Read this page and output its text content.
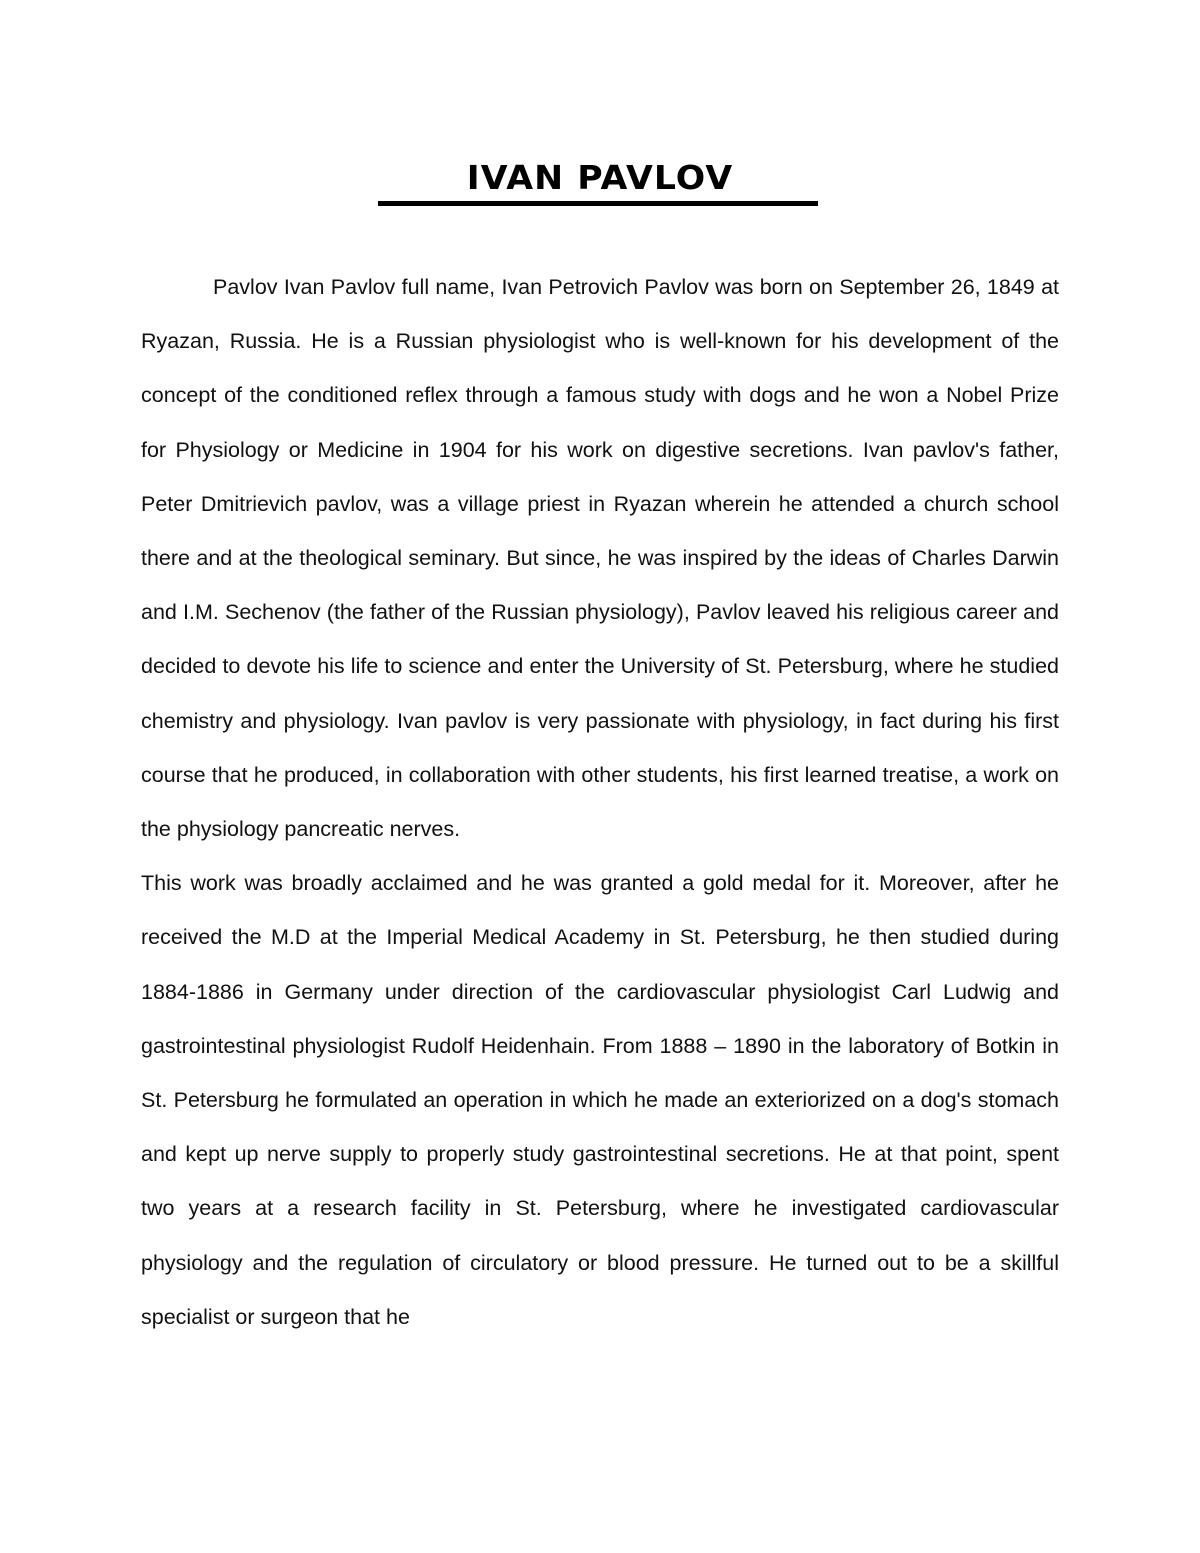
IVAN PAVLOV

Pavlov Ivan Pavlov full name, Ivan Petrovich Pavlov was born on September 26, 1849 at Ryazan, Russia. He is a Russian physiologist who is well-known for his development of the concept of the conditioned reflex through a famous study with dogs and he won a Nobel Prize for Physiology or Medicine in 1904 for his work on digestive secretions. Ivan pavlov's father, Peter Dmitrievich pavlov, was a village priest in Ryazan wherein he attended a church school there and at the theological seminary. But since, he was inspired by the ideas of Charles Darwin and I.M. Sechenov (the father of the Russian physiology), Pavlov leaved his religious career and decided to devote his life to science and enter the University of St. Petersburg, where he studied chemistry and physiology. Ivan pavlov is very passionate with physiology, in fact during his first course that he produced, in collaboration with other students, his first learned treatise, a work on the physiology pancreatic nerves.

This work was broadly acclaimed and he was granted a gold medal for it. Moreover, after he received the M.D at the Imperial Medical Academy in St. Petersburg, he then studied during 1884-1886 in Germany under direction of the cardiovascular physiologist Carl Ludwig and gastrointestinal physiologist Rudolf Heidenhain. From 1888 – 1890 in the laboratory of Botkin in St. Petersburg he formulated an operation in which he made an exteriorized on a dog's stomach and kept up nerve supply to properly study gastrointestinal secretions. He at that point, spent two years at a research facility in St. Petersburg, where he investigated cardiovascular physiology and the regulation of circulatory or blood pressure. He turned out to be a skillful specialist or surgeon that he
